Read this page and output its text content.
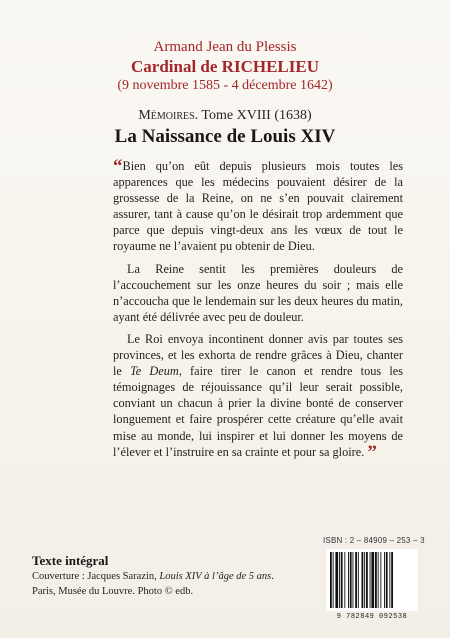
Armand Jean du Plessis
Cardinal de RICHELIEU
(9 novembre 1585 - 4 décembre 1642)
Mémoires. Tome XVIII (1638)
La Naissance de Louis XIV

“Bien qu’on eût depuis plusieurs mois toutes les apparences que les médecins pouvaient désirer de la grossesse de la Reine, on ne s’en pouvait clairement assurer, tant à cause qu’on le désirait trop ardemment que parce que depuis vingt-deux ans les vœux de tout le royaume ne l’avaient pu obtenir de Dieu.

La Reine sentit les premières douleurs de l’accouchement sur les onze heures du soir ; mais elle n’accoucha que le lendemain sur les deux heures du matin, ayant été délivrée avec peu de douleur.

Le Roi envoya incontinent donner avis par toutes ses provinces, et les exhorta de rendre grâces à Dieu, chanter le Te Deum, faire tirer le canon et rendre tous les témoignages de réjouissance qu’il leur serait possible, conviant un chacun à prier la divine bonté de conserver longuement et faire prospérer cette créature qu’elle avait mise au monde, lui inspirer et lui donner les moyens de l’élever et l’instruire en sa crainte et pour sa gloire. ”

ISBN : 2 – 84909 – 253 – 3
9 782849 092538
Texte intégral
Couverture : Jacques Sarazin, Louis XIV à l’âge de 5 ans. Paris, Musée du Louvre. Photo © edb.
